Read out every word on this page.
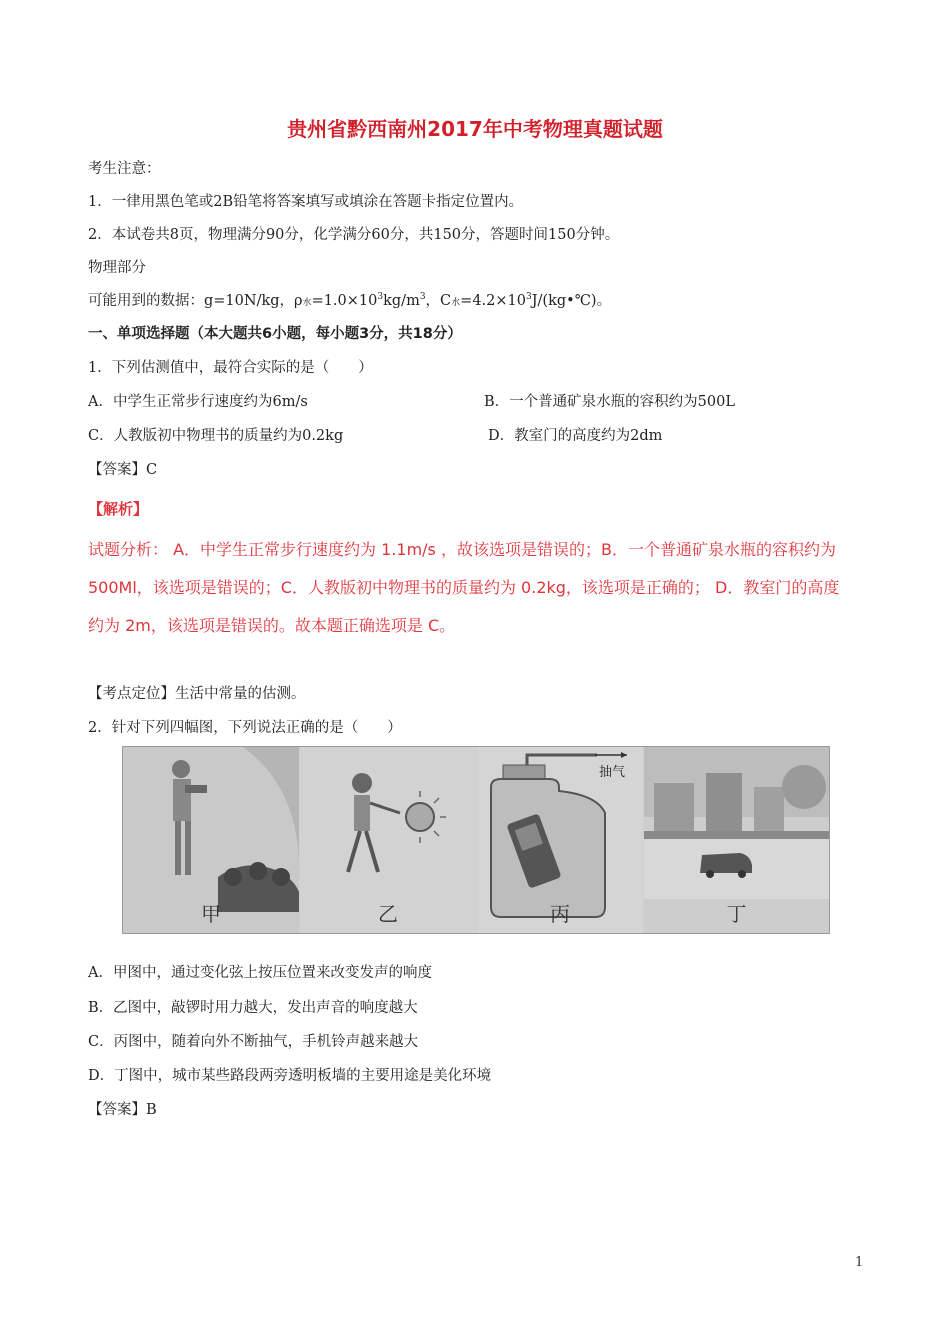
贵州省黔西南州2017年中考物理真题试题
考生注意：
1．一律用黑色笔或2B铅笔将答案填写或填涂在答题卡指定位置内。
2．本试卷共8页，物理满分90分，化学满分60分，共150分，答题时间150分钟。
物理部分
可能用到的数据：g=10N/kg，ρ水$=1.0\times 10^3kg/m^3$，C水$=4.2\times 10^3J/(kg•℃)$。
一、单项选择题（本大题共6小题，每小题3分，共18分）
1．下列估测值中，最符合实际的是（　　）
A．中学生正常步行速度约为6m/s	B．一个普通矿泉水瓶的容积约为500L
C．人教版初中物理书的质量约为0.2kg	D．教室门的高度约为2dm
【答案】C
【解析】
试题分析： A．中学生正常步行速度约为 1.1m/s ，故该选项是错误的；B．一个普通矿泉水瓶的容积约为
500Ml，该选项是错误的；C．人教版初中物理书的质量约为 0.2kg，该选项是正确的； D．教室门的高度
约为 2m，该选项是错误的。故本题正确选项是 C。
【考点定位】生活中常量的估测。
2．针对下列四幅图，下列说法正确的是（　　）
甲	乙
抽气
丙	丁
A．甲图中，通过变化弦上按压位置来改变发声的响度
B．乙图中，敲锣时用力越大，发出声音的响度越大
C．丙图中，随着向外不断抽气，手机铃声越来越大
D．丁图中，城市某些路段两旁透明板墙的主要用途是美化环境
【答案】B
1
